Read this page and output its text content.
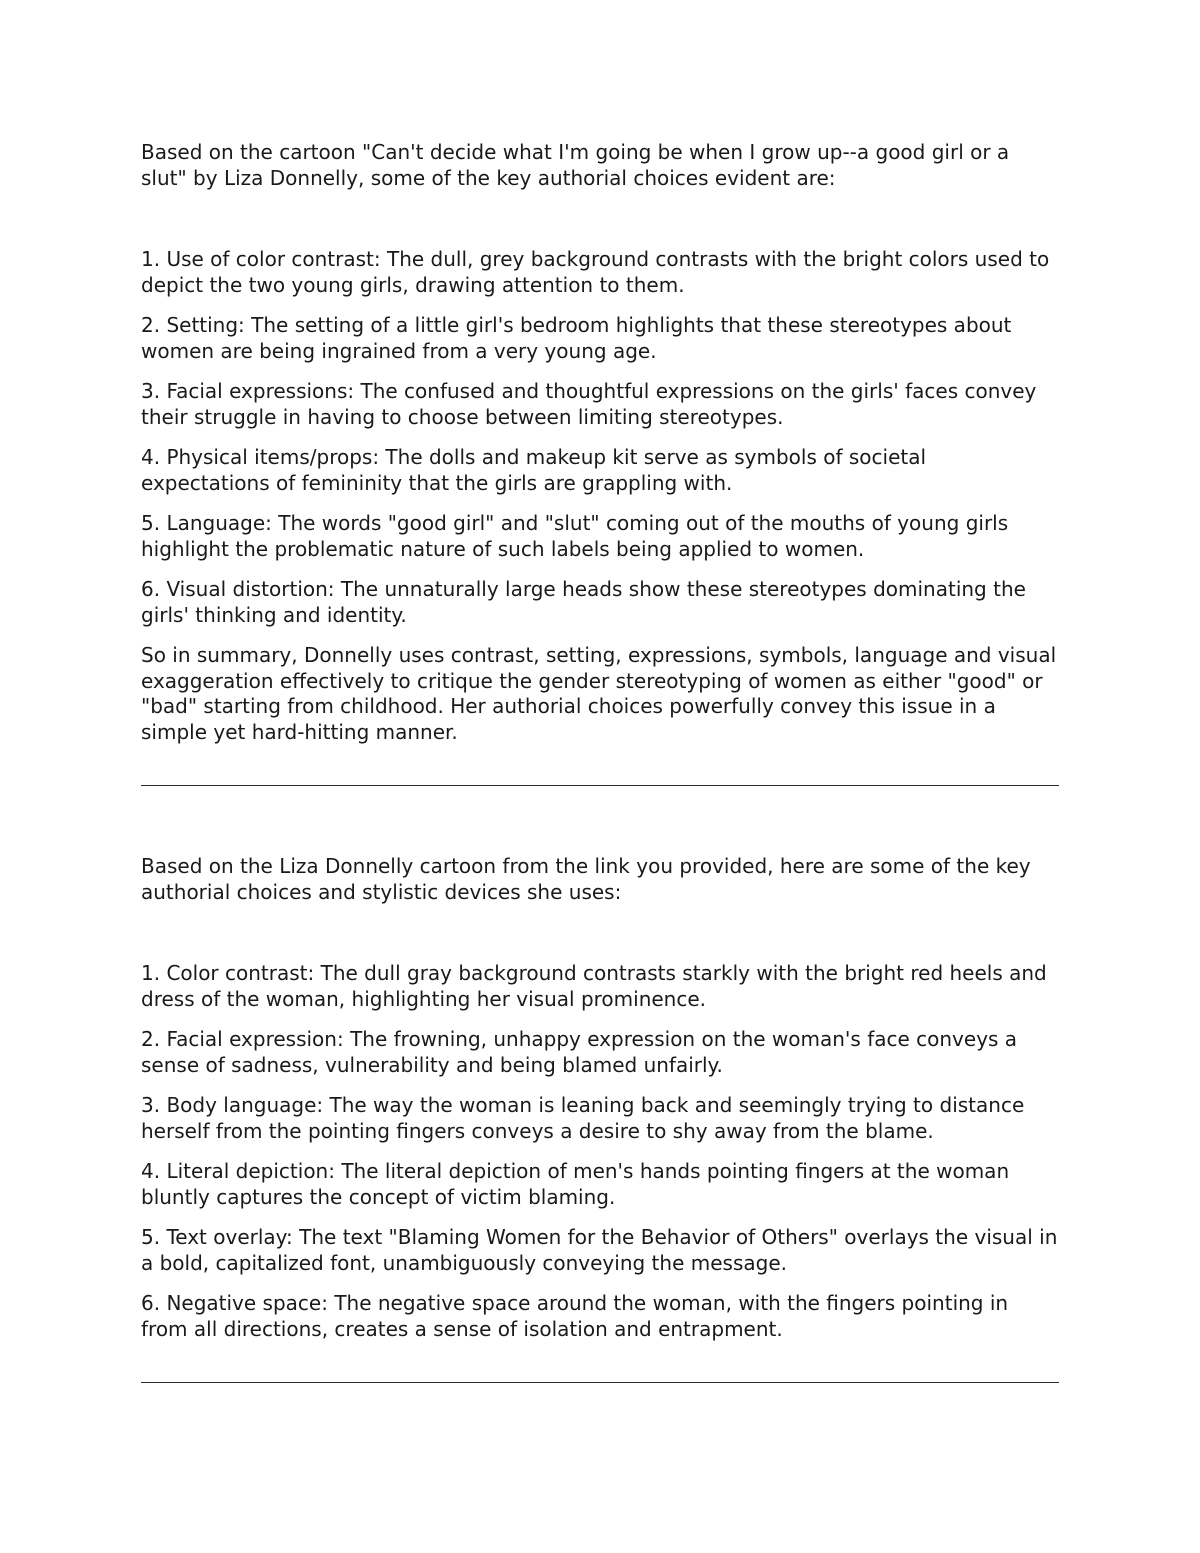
Based on the cartoon "Can't decide what I'm going be when I grow up--a good girl or a slut" by Liza Donnelly, some of the key authorial choices evident are:

1. Use of color contrast: The dull, grey background contrasts with the bright colors used to depict the two young girls, drawing attention to them.

2. Setting: The setting of a little girl's bedroom highlights that these stereotypes about women are being ingrained from a very young age.

3. Facial expressions: The confused and thoughtful expressions on the girls' faces convey their struggle in having to choose between limiting stereotypes.

4. Physical items/props: The dolls and makeup kit serve as symbols of societal expectations of femininity that the girls are grappling with.

5. Language: The words "good girl" and "slut" coming out of the mouths of young girls highlight the problematic nature of such labels being applied to women.

6. Visual distortion: The unnaturally large heads show these stereotypes dominating the girls' thinking and identity.

So in summary, Donnelly uses contrast, setting, expressions, symbols, language and visual exaggeration effectively to critique the gender stereotyping of women as either "good" or "bad" starting from childhood. Her authorial choices powerfully convey this issue in a simple yet hard-hitting manner.

Based on the Liza Donnelly cartoon from the link you provided, here are some of the key authorial choices and stylistic devices she uses:

1. Color contrast: The dull gray background contrasts starkly with the bright red heels and dress of the woman, highlighting her visual prominence.

2. Facial expression: The frowning, unhappy expression on the woman's face conveys a sense of sadness, vulnerability and being blamed unfairly.

3. Body language: The way the woman is leaning back and seemingly trying to distance herself from the pointing fingers conveys a desire to shy away from the blame.

4. Literal depiction: The literal depiction of men's hands pointing fingers at the woman bluntly captures the concept of victim blaming.

5. Text overlay: The text "Blaming Women for the Behavior of Others" overlays the visual in a bold, capitalized font, unambiguously conveying the message.

6. Negative space: The negative space around the woman, with the fingers pointing in from all directions, creates a sense of isolation and entrapment.
